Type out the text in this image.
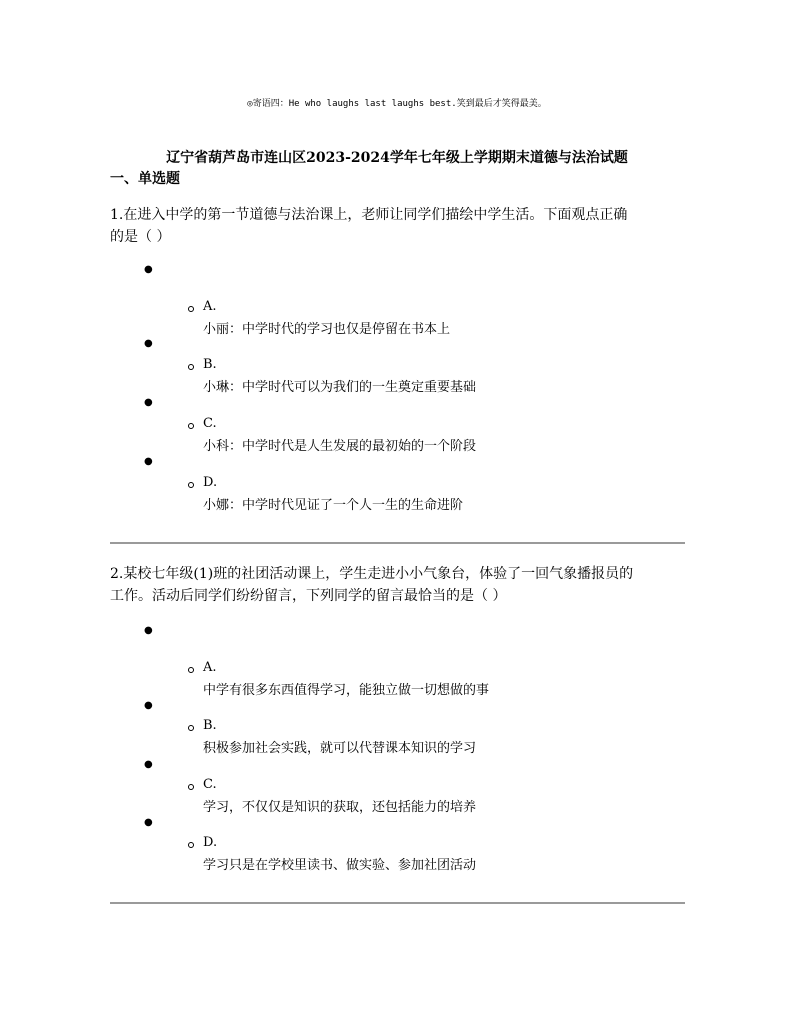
◎寄语四：He who laughs last laughs best.笑到最后才笑得最美。
辽宁省葫芦岛市连山区2023-2024学年七年级上学期期末道德与法治试题
一、单选题
1.在进入中学的第一节道德与法治课上，老师让同学们描绘中学生活。下面观点正确
的是（ ）
●
A.
小丽：中学时代的学习也仅是停留在书本上
●
B.
小琳：中学时代可以为我们的一生奠定重要基础
●
C.
小科：中学时代是人生发展的最初始的一个阶段
●
D.
小娜：中学时代见证了一个人一生的生命进阶
2.某校七年级(1)班的社团活动课上，学生走进小小气象台，体验了一回气象播报员的
工作。活动后同学们纷纷留言，下列同学的留言最恰当的是（ ）
●
A.
中学有很多东西值得学习，能独立做一切想做的事
●
B.
积极参加社会实践，就可以代替课本知识的学习
●
C.
学习，不仅仅是知识的获取，还包括能力的培养
●
D.
学习只是在学校里读书、做实验、参加社团活动
